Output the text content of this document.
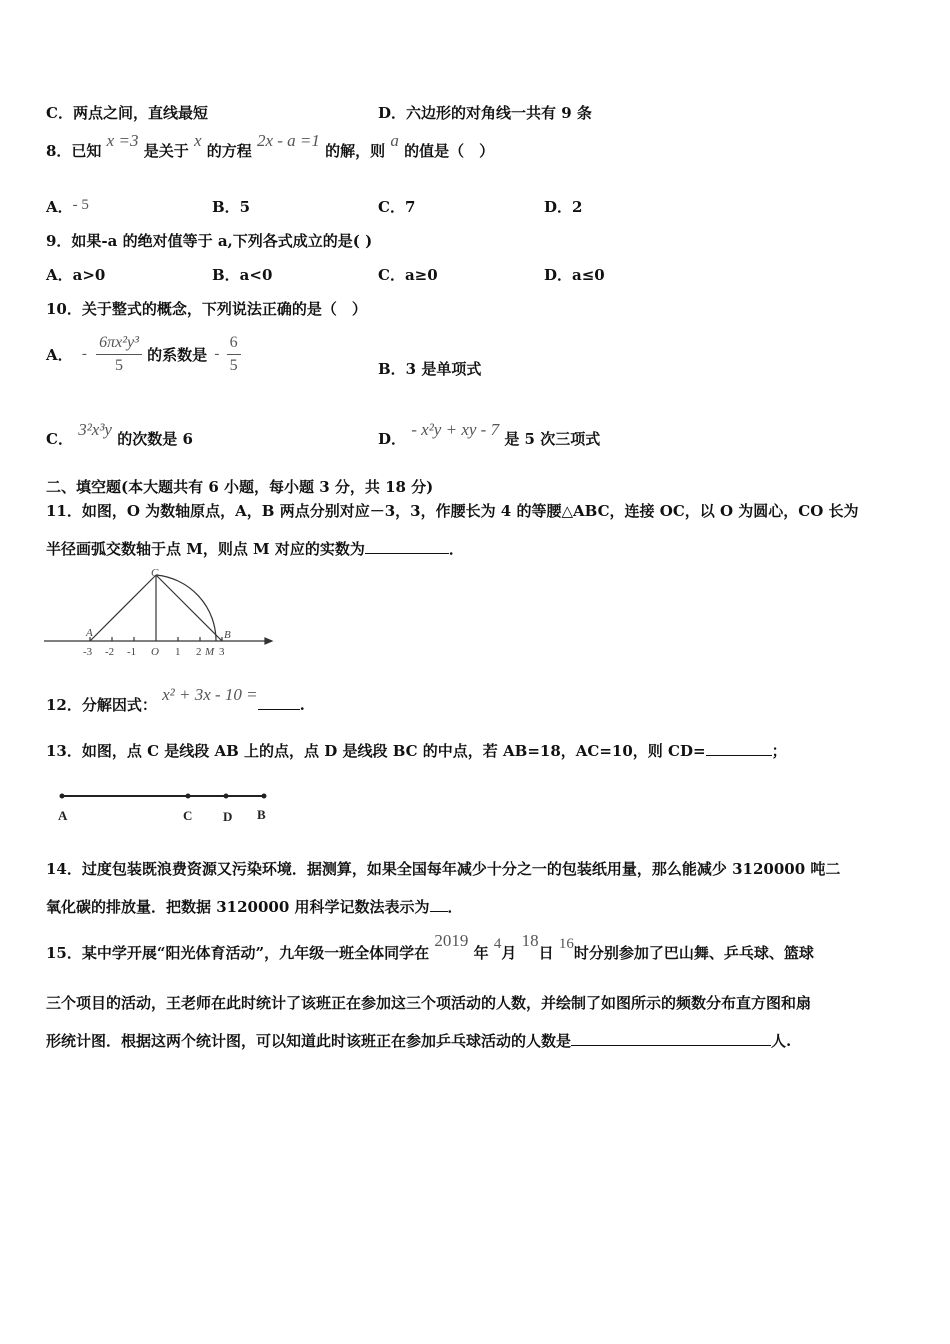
C．两点之间，直线最短	D．六边形的对角线一共有 9 条
8．已知 x =3 是关于 x 的方程 2x - a =1 的解，则 a 的值是（　）
A．- 5	B．5	C．7	D．2
9．如果-a 的绝对值等于 a,下列各式成立的是( )
A．a>0	B．a<0	C．a≥0	D．a≤0
10．关于整式的概念，下列说法正确的是（　）
A． - $\frac{\text{6πx²y³}}{5}$ 的系数是 - $\frac{6}{5}$	B．3 是单项式
C． 3²x³y 的次数是 6	D． - x²y + xy - 7 是 5 次三项式
二、填空题(本大题共有 6 小题，每小题 3 分，共 18 分)
11．如图，O 为数轴原点，A，B 两点分别对应－3，3，作腰长为 4 的等腰△ABC，连接 OC，以 O 为圆心，CO 长为
半径画弧交数轴于点 M，则点 M 对应的实数为	．
C
A	B
-3 -2 -1 O 1 2 M 3
12．分解因式： x² + 3x - 10 =.
13．如图，点 C 是线段 AB 上的点，点 D 是线段 BC 的中点，若 AB=18，AC=10，则 CD=	；
A	C D B
14．过度包装既浪费资源又污染环境．据测算，如果全国每年减少十分之一的包装纸用量，那么能减少 3120000 吨二
氧化碳的排放量．把数据 3120000 用科学记数法表示为 ．
15．某中学开展“阳光体育活动”，九年级一班全体同学在 2019 年 4月 18日 16时分别参加了巴山舞、乒乓球、篮球
三个项目的活动，王老师在此时统计了该班正在参加这三个项活动的人数，并绘制了如图所示的频数分布直方图和扇
形统计图．根据这两个统计图，可以知道此时该班正在参加乒乓球活动的人数是	人.
